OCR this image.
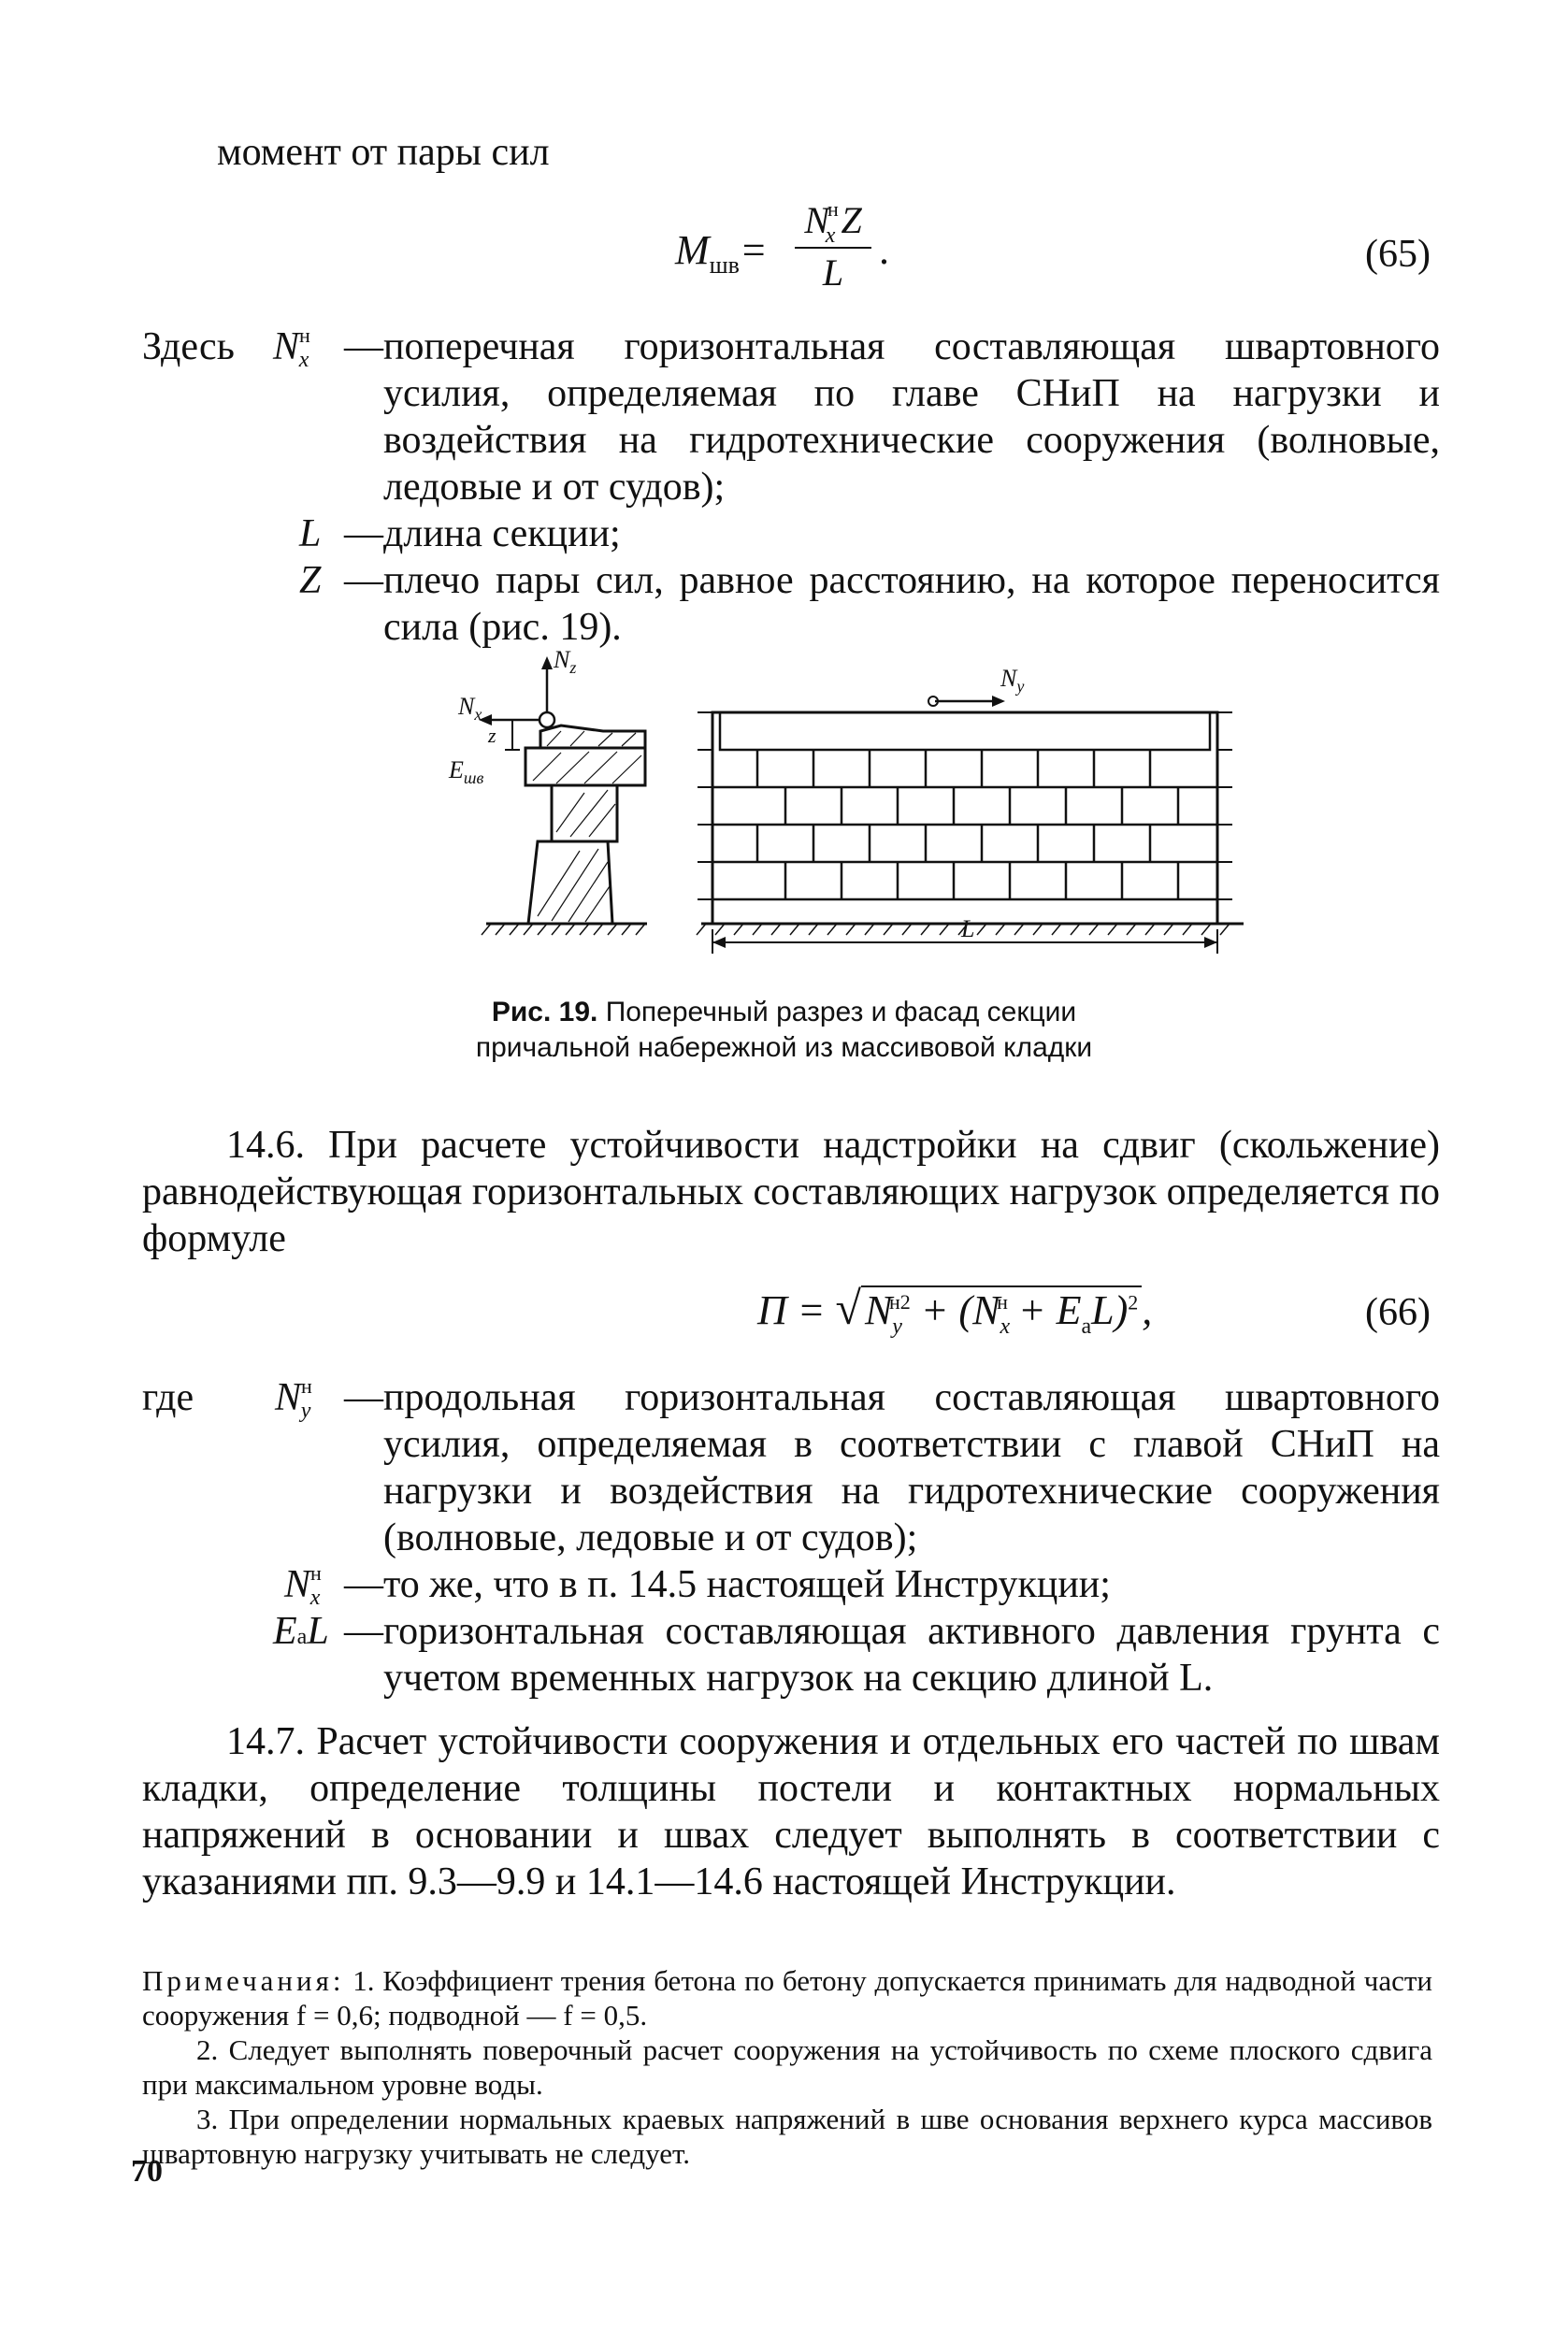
момент от пары сил
$M_{шв}=$
$N^н_x$ Z
L .	(65)
Здесь $N^нx$ — поперечная горизонтальная составляющая швартовного усилия, определяемая по главе СНиП на нагрузки и воздействия на гидротехнические сооружения (волновые, ледовые и от судов);
L — длина секции;
Z — плечо пары сил, равное расстоянию, на которое переносится сила (рис. 19).
$N_z$
$N_x$
z
$E_{шв}$
$N_y$
L
Рис. 19. Поперечный разрез и фасад секции
причальной набережной из массивовой кладки
14.6. При расчете устойчивости надстройки на сдвиг (скольжение) равнодействующая горизонтальных составляющих нагрузок определяется по формуле
$П = √N_y^{н2} + (N_x^н + E_aL)^2$,	(66)
где $N^нy$ — продольная горизонтальная составляющая швартовного усилия, определяемая в соответствии с главой СНиП на нагрузки и воздействия на гидротехнические сооружения (волновые, ледовые и от судов);
$N^нx$ — то же, что в п. 14.5 настоящей Инструкции;
EaL — горизонтальная составляющая активного давления грунта с учетом временных нагрузок на секцию длиной L.
14.7. Расчет устойчивости сооружения и отдельных его частей по швам кладки, определение толщины постели и контактных нормальных напряжений в основании и швах следует выполнять в соответствии с указаниями пп. 9.3—9.9 и 14.1—14.6 настоящей Инструкции.

Примечания: 1. Коэффициент трения бетона по бетону допускается принимать для надводной части сооружения f = 0,6; подводной — f = 0,5.

2. Следует выполнять поверочный расчет сооружения на устойчивость по схеме плоского сдвига при максимальном уровне воды.

3. При определении нормальных краевых напряжений в шве основания верхнего курса массивов швартовную нагрузку учитывать не следует.

70
